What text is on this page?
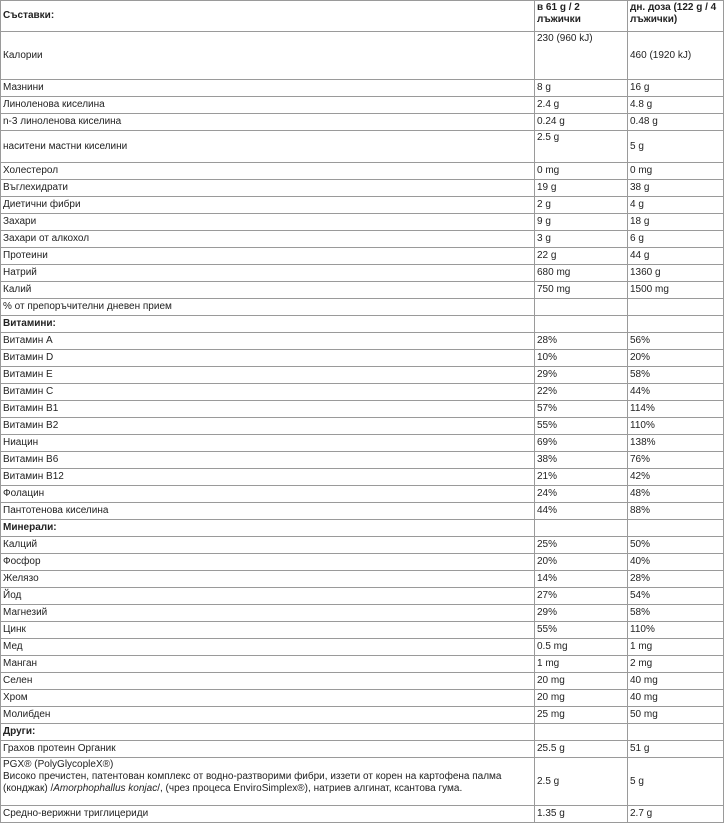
Съставки:	в 61 g / 2 лъжички	дн. доза (122 g / 4 лъжички)
Калории	230 (960 kJ)	460 (1920 kJ)
Мазнини	8 g	16 g
Линоленова киселина	2.4 g	4.8 g
n-3 линоленова киселина	0.24 g	0.48 g
наситени мастни киселини	2.5 g	5 g
Холестерол	0 mg	0 mg
Въглехидрати	19 g	38 g
Диетични фибри	2 g	4 g
Захари	9 g	18 g
Захари от алкохол	3 g	6 g
Протеини	22 g	44 g
Натрий	680 mg	1360 g
Калий	750 mg	1500 mg
% от препоръчителни дневен прием		
Витамини:		
Витамин A	28%	56%
Витамин D	10%	20%
Витамин E	29%	58%
Витамин C	22%	44%
Витамин B1	57%	114%
Витамин B2	55%	110%
Ниацин	69%	138%
Витамин B6	38%	76%
Витамин B12	21%	42%
Фолацин	24%	48%
Пантотенова киселина	44%	88%
Минерали:		
Калций	25%	50%
Фосфор	20%	40%
Желязо	14%	28%
Йод	27%	54%
Магнезий	29%	58%
Цинк	55%	110%
Мед	0.5 mg	1 mg
Манган	1 mg	2 mg
Селен	20 mg	40 mg
Хром	20 mg	40 mg
Молибден	25 mg	50 mg
Други:		
Грахов протеин Органик	25.5 g	51 g

PGX® (PolyGlycopleX®)
Високо пречистен, патентован комплекс от водно-разтворими фибри, иззети от корен на картофена палма
(конджак) /Amorphophallus konjac/, (чрез процеса EnviroSimplex®), натриев алгинат, ксантова гума.	2.5 g	5 g
Средно-верижни триглицериди	1.35 g	2.7 g
